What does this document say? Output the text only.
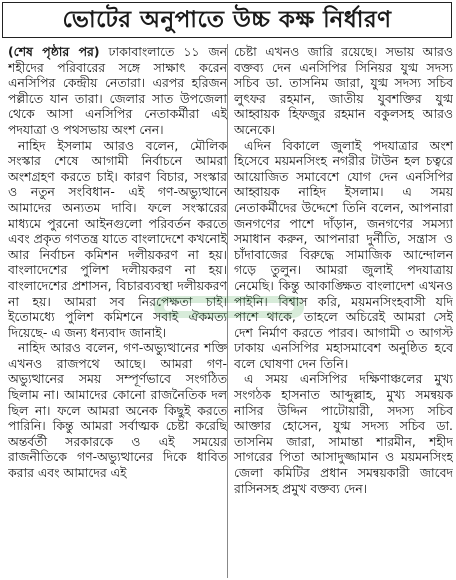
ভোটের অনুপাতে উচ্চ কক্ষ নির্ধারণ

(শেষ পৃষ্ঠার পর) ঢাকাবাংলাতে ১১ জন শহীদের পরিবারের সঙ্গে সাক্ষাৎ করেন এনসিপির কেন্দ্রীয় নেতারা। এরপর হরিজন পল্লীতে যান তারা। জেলার সাত উপজেলা থেকে আসা এনসিপির নেতাকর্মীরা এই পদযাত্রা ও পথসভায় অংশ নেন।

নাহিদ ইসলাম আরও বলেন, মৌলিক সংস্কার শেষে আগামী নির্বাচনে আমরা অংশগ্রহণ করতে চাই। কারণ বিচার, সংস্কার ও নতুন সংবিধান- এই গণ-অভ্যুত্থানে আমাদের অন্যতম দাবি। ফলে সংস্কারের মাধ্যমে পুরনো আইনগুলো পরিবর্তন করতে এবং প্রকৃত গণতন্ত্র যাতে বাংলাদেশে কখনোই আর নির্বাচন কমিশন দলীয়করণ না হয়। বাংলাদেশের পুলিশ দলীয়করণ না হয়। বাংলাদেশের প্রশাসন, বিচারব্যবস্থা দলীয়করণ না হয়। আমরা সব নিরপেক্ষতা চাই। ইতোমধ্যে পুলিশ কমিশনে সবাই ঐকমত্য দিয়েছে- এ জন্য ধন্যবাদ জানাই।

নাহিদ আরও বলেন, গণ-অভ্যুত্থানের শক্তি এখনও রাজপথে আছে। আমরা গণ-অভ্যুত্থানের সময় সম্পূর্ণভাবে সংগঠিত ছিলাম না। আমাদের কোনো রাজনৈতিক দল ছিল না। ফলে আমরা অনেক কিছুই করতে পারিনি। কিন্তু আমরা সর্বাত্মক চেষ্টা করেছি অন্তর্বর্তী সরকারকে ও এই সময়ের রাজনীতিকে গণ-অভ্যুত্থানের দিকে ধাবিত করার এবং আমাদের এই

চেষ্টা এখনও জারি রয়েছে। সভায় আরও বক্তব্য দেন এনসিপির সিনিয়র যুগ্ম সদস্য সচিব ডা. তাসনিম জারা, যুগ্ম সদস্য সচিব লুৎফর রহমান, জাতীয় যুবশক্তির যুগ্ম আহ্বায়ক হিফজুর রহমান বকুলসহ আরও অনেকে।

এদিন বিকালে জুলাই পদযাত্রার অংশ হিসেবে ময়মনসিংহ নগরীর টাউন হল চত্বরে আয়োজিত সমাবেশে যোগ দেন এনসিপির আহ্বায়ক নাহিদ ইসলাম। এ সময় নেতাকর্মীদের উদ্দেশে তিনি বলেন, আপনারা জনগণের পাশে দাঁড়ান, জনগণের সমস্যা সমাধান করুন, আপনারা দুর্নীতি, সন্ত্রাস ও চাঁদাবাজের বিরুদ্ধে সামাজিক আন্দোলন গড়ে তুলুন। আমরা জুলাই পদযাত্রায় নেমেছি। কিন্তু আকাঙ্ক্ষিত বাংলাদেশ এখনও পাইনি। বিশ্বাস করি, ময়মনসিংহবাসী যদি পাশে থাকে, তাহলে অচিরেই আমরা সেই দেশ নির্মাণ করতে পারব। আগামী ৩ আগস্ট ঢাকায় এনসিপির মহাসমাবেশ অনুষ্ঠিত হবে বলে ঘোষণা দেন তিনি।

এ সময় এনসিপির দক্ষিণাঞ্চলের মুখ্য সংগঠক হাসনাত আব্দুল্লাহ, মুখ্য সমন্বয়ক নাসির উদ্দিন পাটোয়ারী, সদস্য সচিব আক্তার হোসেন, যুগ্ম সদস্য সচিব ডা. তাসনিম জারা, সামান্তা শারমীন, শহীদ সাগরের পিতা আসাদুজ্জামান ও ময়মনসিংহ জেলা কমিটির প্রধান সমন্বয়কারী জাবেদ রাসিনসহ প্রমুখ বক্তব্য দেন।
